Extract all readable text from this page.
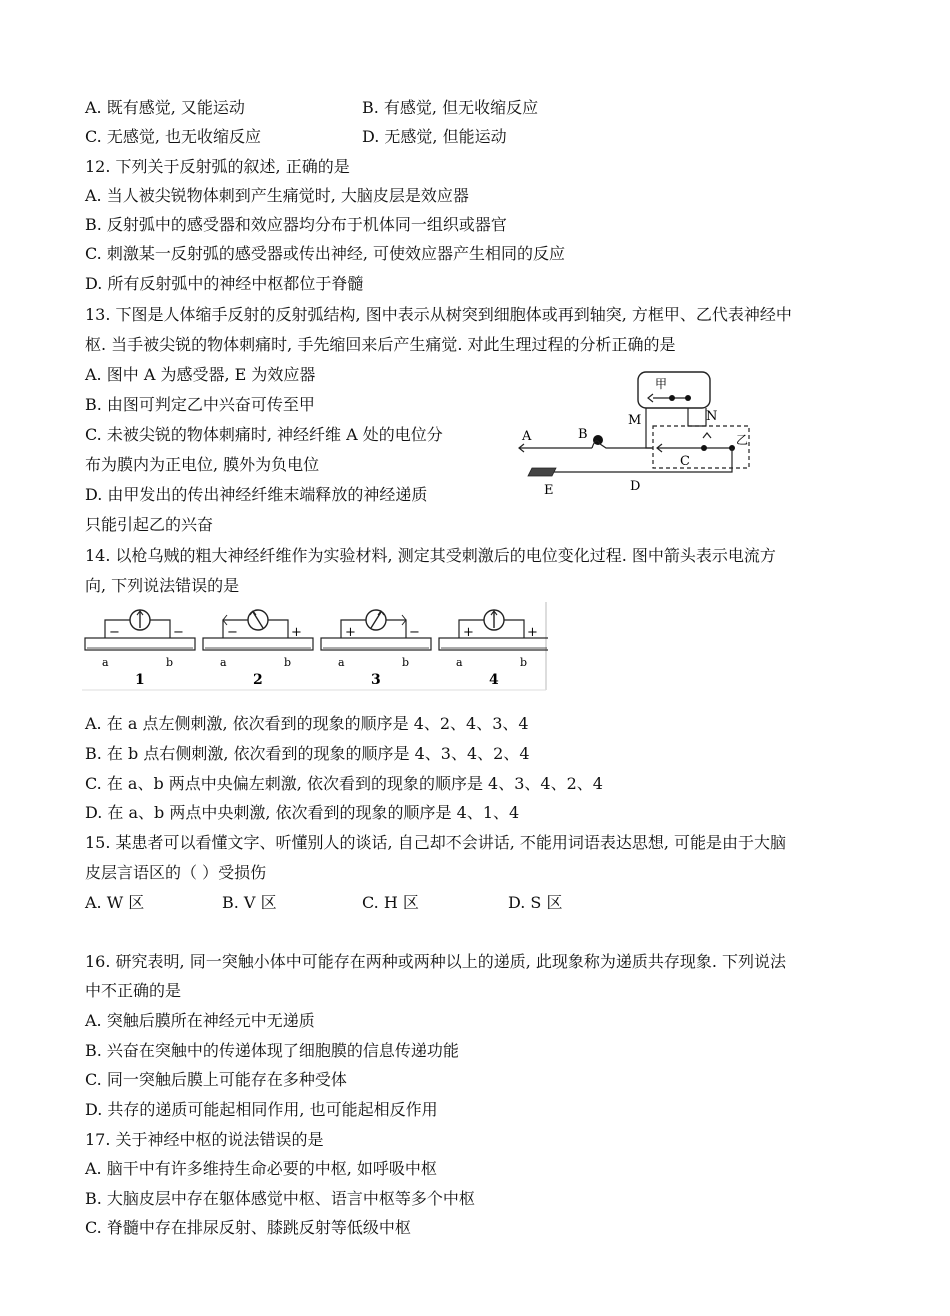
A. 既有感觉, 又能运动	B. 有感觉, 但无收缩反应
C. 无感觉, 也无收缩反应	D. 无感觉, 但能运动
12. 下列关于反射弧的叙述, 正确的是
A. 当人被尖锐物体刺到产生痛觉时, 大脑皮层是效应器
B. 反射弧中的感受器和效应器均分布于机体同一组织或器官
C. 刺激某一反射弧的感受器或传出神经, 可使效应器产生相同的反应
D. 所有反射弧中的神经中枢都位于脊髓
13. 下图是人体缩手反射的反射弧结构, 图中表示从树突到细胞体或再到轴突, 方框甲、乙代表神经中
枢. 当手被尖锐的物体刺痛时, 手先缩回来后产生痛觉. 对此生理过程的分析正确的是
A. 图中 A 为感受器, E 为效应器
B. 由图可判定乙中兴奋可传至甲
C. 未被尖锐的物体刺痛时, 神经纤维 A 处的电位分
布为膜内为正电位, 膜外为负电位
D. 由甲发出的传出神经纤维末端释放的神经递质
只能引起乙的兴奋
甲
M	N
乙
C
A	B
E	D
14. 以枪乌贼的粗大神经纤维作为实验材料, 测定其受刺激后的电位变化过程. 图中箭头表示电流方
向, 下列说法错误的是
−	−
a	b
1
−	+
a	b
2
+	−
a	b
3
+	+
a	b
4
A. 在 a 点左侧刺激, 依次看到的现象的顺序是 4、2、4、3、4
B. 在 b 点右侧刺激, 依次看到的现象的顺序是 4、3、4、2、4
C. 在 a、b 两点中央偏左刺激, 依次看到的现象的顺序是 4、3、4、2、4
D. 在 a、b 两点中央刺激, 依次看到的现象的顺序是 4、1、4
15. 某患者可以看懂文字、听懂别人的谈话, 自己却不会讲话, 不能用词语表达思想, 可能是由于大脑
皮层言语区的（ ）受损伤
A. W 区	B. V 区	C. H 区	D. S 区
16. 研究表明, 同一突触小体中可能存在两种或两种以上的递质, 此现象称为递质共存现象. 下列说法
中不正确的是
A. 突触后膜所在神经元中无递质
B. 兴奋在突触中的传递体现了细胞膜的信息传递功能
C. 同一突触后膜上可能存在多种受体
D. 共存的递质可能起相同作用, 也可能起相反作用
17. 关于神经中枢的说法错误的是
A. 脑干中有许多维持生命必要的中枢, 如呼吸中枢
B. 大脑皮层中存在躯体感觉中枢、语言中枢等多个中枢
C. 脊髓中存在排尿反射、膝跳反射等低级中枢
